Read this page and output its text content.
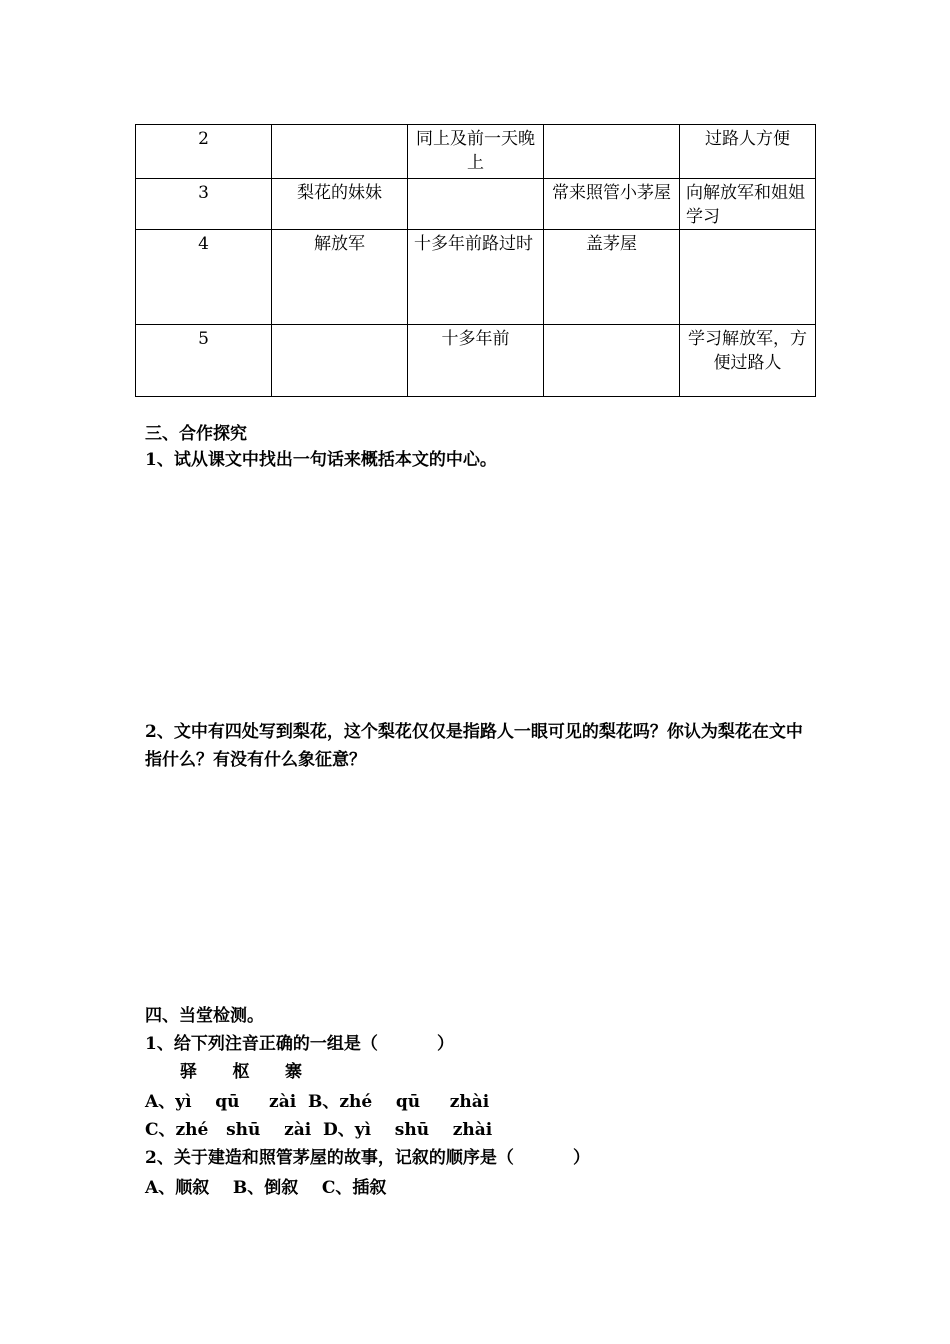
2		同上及前一天晚上		过路人方便
3	梨花的妹妹		常来照管小茅屋	向解放军和姐姐学习
4	解放军	十多年前路过时	盖茅屋	
5		十多年前		学习解放军，方便过路人
三、合作探究
1、试从课文中找出一句话来概括本文的中心。
2、文中有四处写到梨花，这个梨花仅仅是指路人一眼可见的梨花吗？你认为梨花在文中指什么？有没有什么象征意？
四、当堂检测。
1、给下列注音正确的一组是（          ）
驿      枢      寨
A、yì    qū     zài  B、zhé    qū     zhài
C、zhé   shū    zài  D、yì    shū    zhài
2、关于建造和照管茅屋的故事，记叙的顺序是（          ）
A、顺叙    B、倒叙    C、插叙
